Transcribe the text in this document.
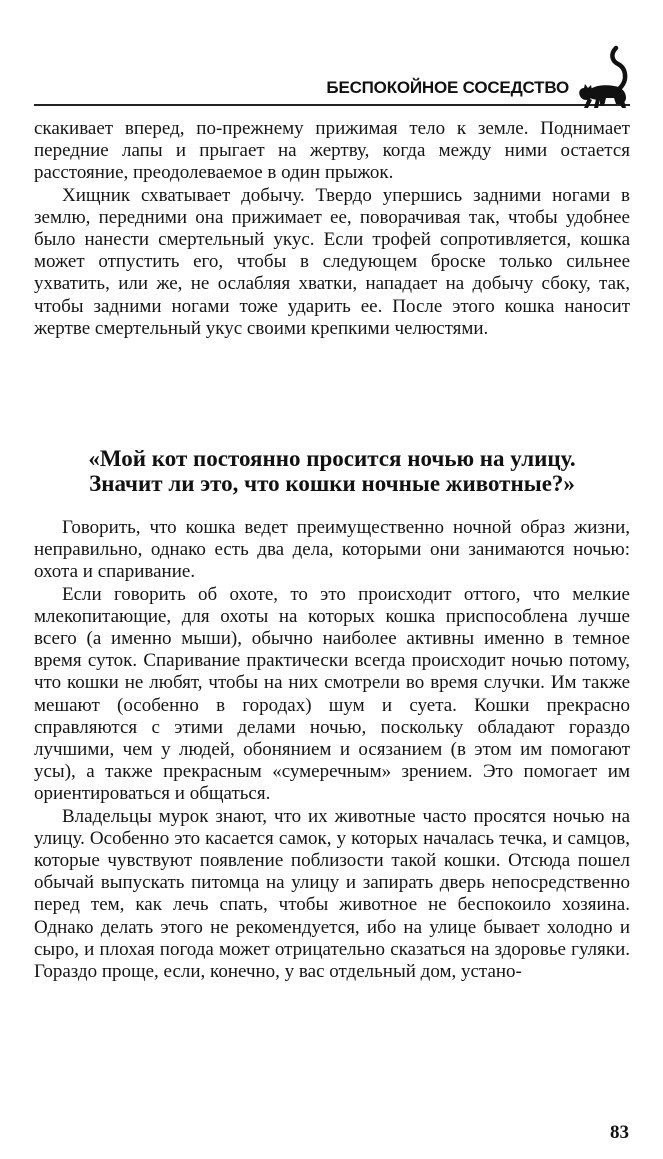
БЕСПОКОЙНОЕ СОСЕДСТВО

скакивает вперед, по-прежнему прижимая тело к земле. Поднимает передние лапы и прыгает на жертву, когда между ними остается расстояние, преодолеваемое в один прыжок.

Хищник схватывает добычу. Твердо упершись задними ногами в землю, передними она прижимает ее, поворачивая так, чтобы удобнее было нанести смертельный укус. Если трофей сопротивляется, кошка может отпустить его, чтобы в следующем броске только сильнее ухватить, или же, не ослабляя хватки, нападает на добычу сбоку, так, чтобы задними ногами тоже ударить ее. После этого кошка наносит жертве смертельный укус своими крепкими челюстями.

«Мой кот постоянно просится ночью на улицу.
Значит ли это, что кошки ночные животные?»

Говорить, что кошка ведет преимущественно ночной образ жизни, неправильно, однако есть два дела, которыми они занимаются ночью: охота и спаривание.

Если говорить об охоте, то это происходит оттого, что мелкие млекопитающие, для охоты на которых кошка приспособлена лучше всего (а именно мыши), обычно наиболее активны именно в темное время суток. Спаривание практически всегда происходит ночью потому, что кошки не любят, чтобы на них смотрели во время случки. Им также мешают (особенно в городах) шум и суета. Кошки прекрасно справляются с этими делами ночью, поскольку обладают гораздо лучшими, чем у людей, обонянием и осязанием (в этом им помогают усы), а также прекрасным «сумеречным» зрением. Это помогает им ориентироваться и общаться.

Владельцы мурок знают, что их животные часто просятся ночью на улицу. Особенно это касается самок, у которых началась течка, и самцов, которые чувствуют появление поблизости такой кошки. Отсюда пошел обычай выпускать питомца на улицу и запирать дверь непосредственно перед тем, как лечь спать, чтобы животное не беспокоило хозяина. Однако делать этого не рекомендуется, ибо на улице бывает холодно и сыро, и плохая погода может отрицательно сказаться на здоровье гуляки. Гораздо проще, если, конечно, у вас отдельный дом, устано-

83
